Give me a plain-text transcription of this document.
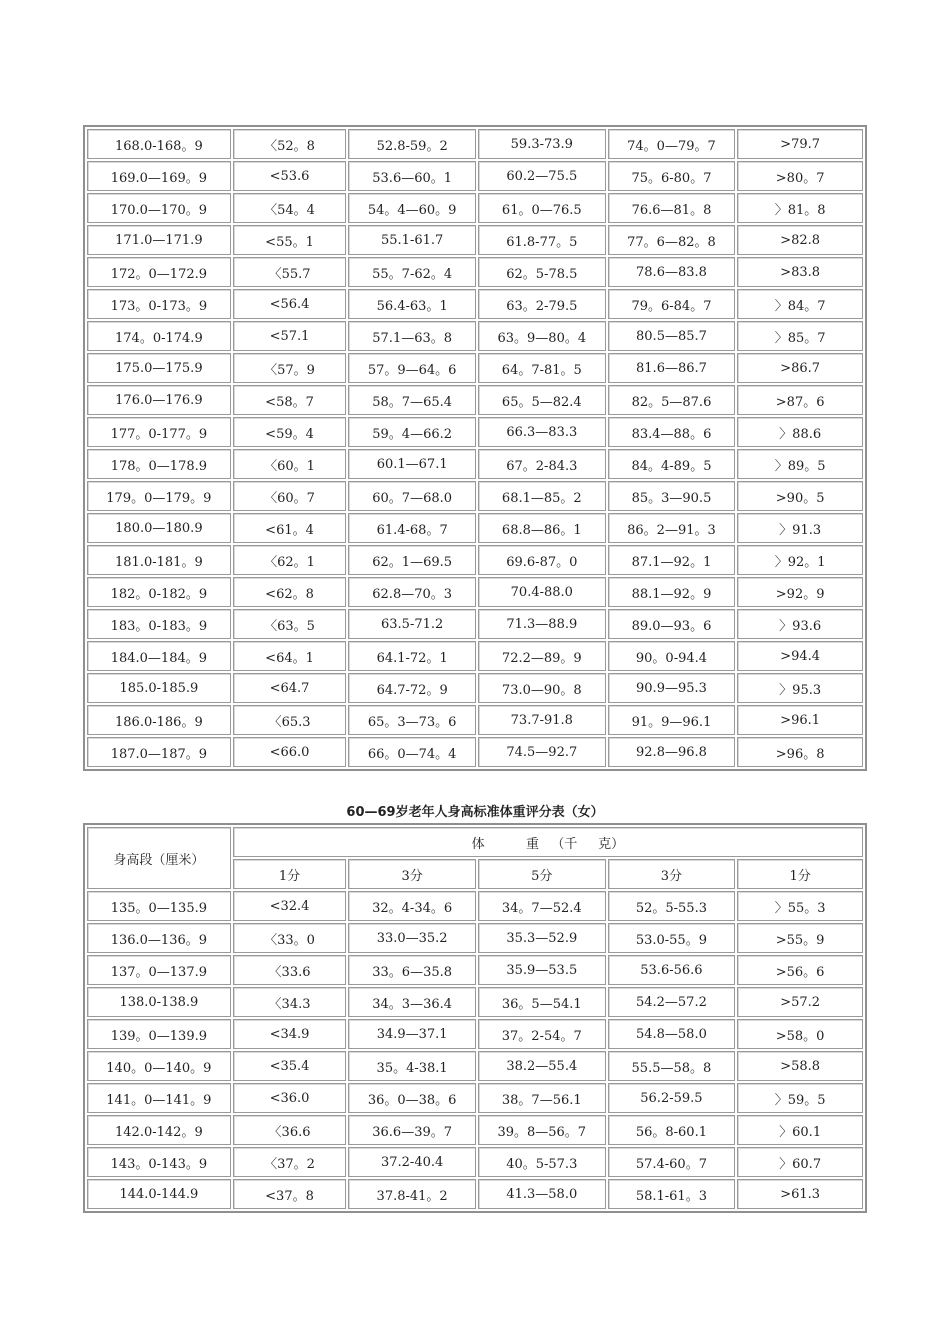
168.0-168。9	〈52。8	52.8-59。2	59.3-73.9	74。0—79。7	>79.7
169.0—169。9	<53.6	53.6—60。1	60.2—75.5	75。6-80。7	>80。7
170.0—170。9	〈54。4	54。4—60。9	61。0—76.5	76.6—81。8	〉81。8
171.0—171.9	<55。1	55.1-61.7	61.8-77。5	77。6—82。8	>82.8
172。0—172.9	〈55.7	55。7-62。4	62。5-78.5	78.6—83.8	>83.8
173。0-173。9	<56.4	56.4-63。1	63。2-79.5	79。6-84。7	〉84。7
174。0-174.9	<57.1	57.1—63。8	63。9—80。4	80.5—85.7	〉85。7
175.0—175.9	〈57。9	57。9—64。6	64。7-81。5	81.6—86.7	>86.7
176.0—176.9	<58。7	58。7—65.4	65。5—82.4	82。5—87.6	>87。6
177。0-177。9	<59。4	59。4—66.2	66.3—83.3	83.4—88。6	〉88.6
178。0—178.9	〈60。1	60.1—67.1	67。2-84.3	84。4-89。5	〉89。5
179。0—179。9	〈60。7	60。7—68.0	68.1—85。2	85。3—90.5	>90。5
180.0—180.9	<61。4	61.4-68。7	68.8—86。1	86。2—91。3	〉91.3
181.0-181。9	〈62。1	62。1—69.5	69.6-87。0	87.1—92。1	〉92。1
182。0-182。9	<62。8	62.8—70。3	70.4-88.0	88.1—92。9	>92。9
183。0-183。9	〈63。5	63.5-71.2	71.3—88.9	89.0—93。6	〉93.6
184.0—184。9	<64。1	64.1-72。1	72.2—89。9	90。0-94.4	>94.4
185.0-185.9	<64.7	64.7-72。9	73.0—90。8	90.9—95.3	〉95.3
186.0-186。9	〈65.3	65。3—73。6	73.7-91.8	91。9—96.1	>96.1
187.0—187。9	<66.0	66。0—74。4	74.5—92.7	92.8—96.8	>96。8
60—69岁老年人身高标准体重评分表（女）
身高段（厘米）	体 重 （千 克）				
	1分	3分	5分	3分	1分
135。0—135.9	<32.4	32。4-34。6	34。7—52.4	52。5-55.3	〉55。3
136.0—136。9	〈33。0	33.0—35.2	35.3—52.9	53.0-55。9	>55。9
137。0—137.9	〈33.6	33。6—35.8	35.9—53.5	53.6-56.6	>56。6
138.0-138.9	〈34.3	34。3—36.4	36。5—54.1	54.2—57.2	>57.2
139。0—139.9	<34.9	34.9—37.1	37。2-54。7	54.8—58.0	>58。0
140。0—140。9	<35.4	35。4-38.1	38.2—55.4	55.5—58。8	>58.8
141。0—141。9	<36.0	36。0—38。6	38。7—56.1	56.2-59.5	〉59。5
142.0-142。9	〈36.6	36.6—39。7	39。8—56。7	56。8-60.1	〉60.1
143。0-143。9	〈37。2	37.2-40.4	40。5-57.3	57.4-60。7	〉60.7
144.0-144.9	<37。8	37.8-41。2	41.3—58.0	58.1-61。3	>61.3
